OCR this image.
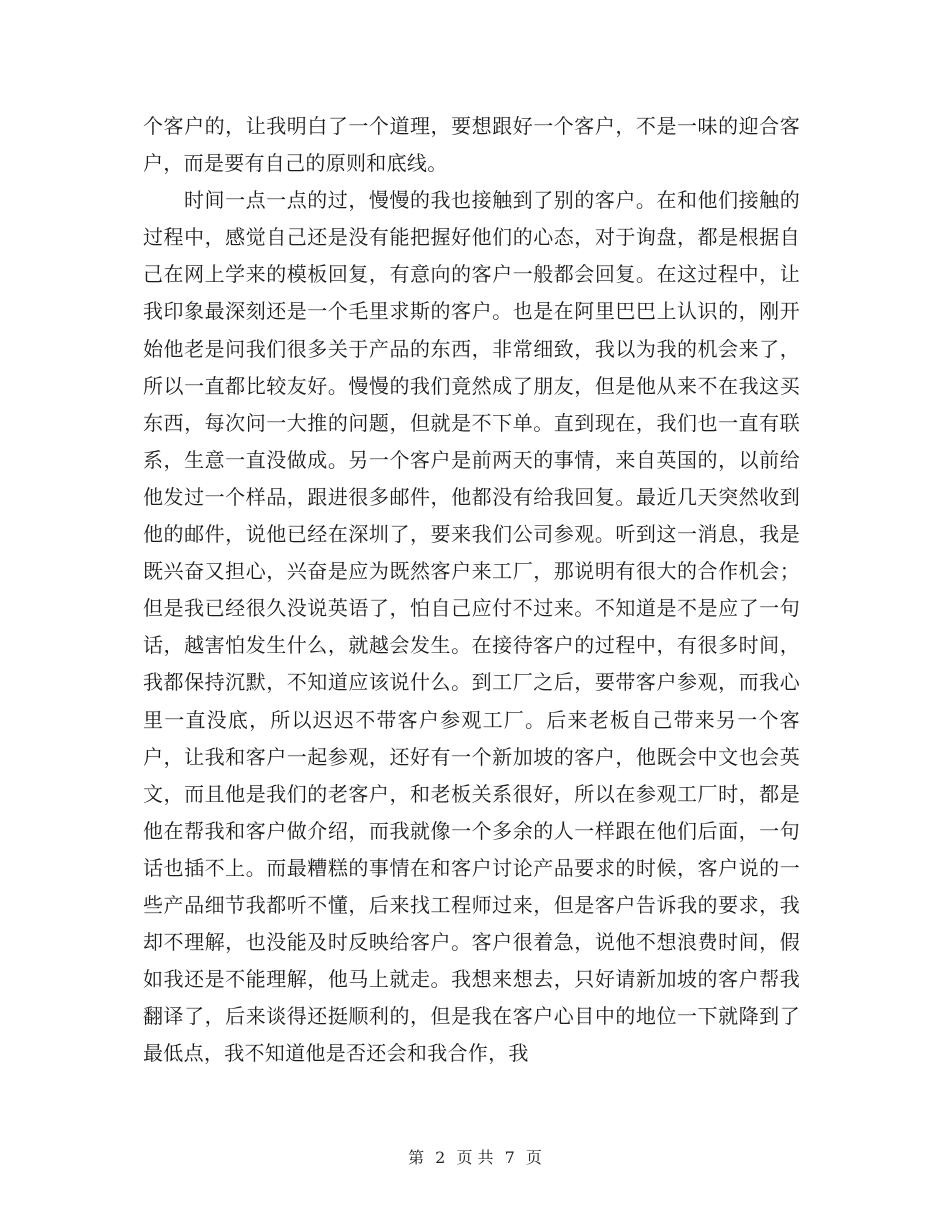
个客户的，让我明白了一个道理，要想跟好一个客户，不是一味的迎合客户，而是要有自己的原则和底线。

时间一点一点的过，慢慢的我也接触到了别的客户。在和他们接触的过程中，感觉自己还是没有能把握好他们的心态，对于询盘，都是根据自己在网上学来的模板回复，有意向的客户一般都会回复。在这过程中，让我印象最深刻还是一个毛里求斯的客户。也是在阿里巴巴上认识的，刚开始他老是问我们很多关于产品的东西，非常细致，我以为我的机会来了，所以一直都比较友好。慢慢的我们竟然成了朋友，但是他从来不在我这买东西，每次问一大推的问题，但就是不下单。直到现在，我们也一直有联系，生意一直没做成。另一个客户是前两天的事情，来自英国的，以前给他发过一个样品，跟进很多邮件，他都没有给我回复。最近几天突然收到他的邮件，说他已经在深圳了，要来我们公司参观。听到这一消息，我是既兴奋又担心，兴奋是应为既然客户来工厂，那说明有很大的合作机会；但是我已经很久没说英语了，怕自己应付不过来。不知道是不是应了一句话，越害怕发生什么，就越会发生。在接待客户的过程中，有很多时间，我都保持沉默，不知道应该说什么。到工厂之后，要带客户参观，而我心里一直没底，所以迟迟不带客户参观工厂。后来老板自己带来另一个客户，让我和客户一起参观，还好有一个新加坡的客户，他既会中文也会英文，而且他是我们的老客户，和老板关系很好，所以在参观工厂时，都是他在帮我和客户做介绍，而我就像一个多余的人一样跟在他们后面，一句话也插不上。而最糟糕的事情在和客户讨论产品要求的时候，客户说的一些产品细节我都听不懂，后来找工程师过来，但是客户告诉我的要求，我却不理解，也没能及时反映给客户。客户很着急，说他不想浪费时间，假如我还是不能理解，他马上就走。我想来想去，只好请新加坡的客户帮我翻译了，后来谈得还挺顺利的，但是我在客户心目中的地位一下就降到了最低点，我不知道他是否还会和我合作，我

第 2 页 共 7 页
